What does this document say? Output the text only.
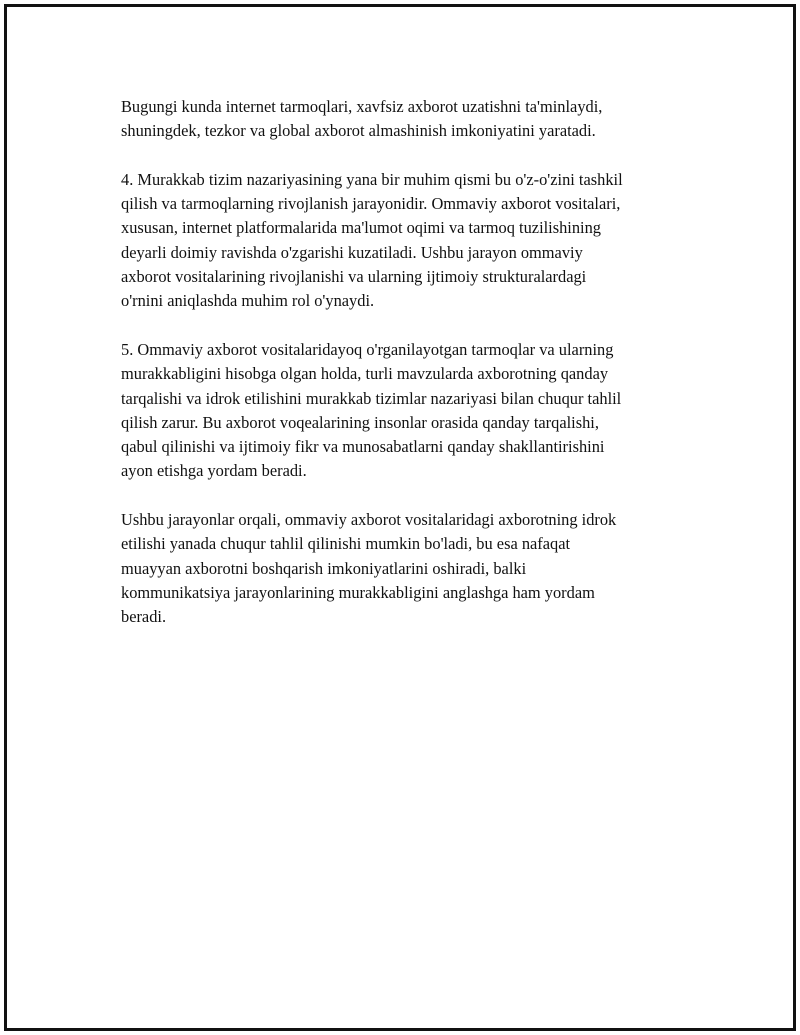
Bugungi kunda internet tarmoqlari, xavfsiz axborot uzatishni ta'minlaydi,
shuningdek, tezkor va global axborot almashinish imkoniyatini yaratadi.

4. Murakkab tizim nazariyasining yana bir muhim qismi bu o'z-o'zini tashkil
qilish va tarmoqlarning rivojlanish jarayonidir. Ommaviy axborot vositalari,
xususan, internet platformalarida ma'lumot oqimi va tarmoq tuzilishining
deyarli doimiy ravishda o'zgarishi kuzatiladi. Ushbu jarayon ommaviy
axborot vositalarining rivojlanishi va ularning ijtimoiy strukturalardagi
o'rnini aniqlashda muhim rol o'ynaydi.

5. Ommaviy axborot vositalaridayoq o'rganilayotgan tarmoqlar va ularning
murakkabligini hisobga olgan holda, turli mavzularda axborotning qanday
tarqalishi va idrok etilishini murakkab tizimlar nazariyasi bilan chuqur tahlil
qilish zarur. Bu axborot voqealarining insonlar orasida qanday tarqalishi,
qabul qilinishi va ijtimoiy fikr va munosabatlarni qanday shakllantirishini
ayon etishga yordam beradi.

Ushbu jarayonlar orqali, ommaviy axborot vositalaridagi axborotning idrok
etilishi yanada chuqur tahlil qilinishi mumkin bo'ladi, bu esa nafaqat
muayyan axborotni boshqarish imkoniyatlarini oshiradi, balki
kommunikatsiya jarayonlarining murakkabligini anglashga ham yordam
beradi.
